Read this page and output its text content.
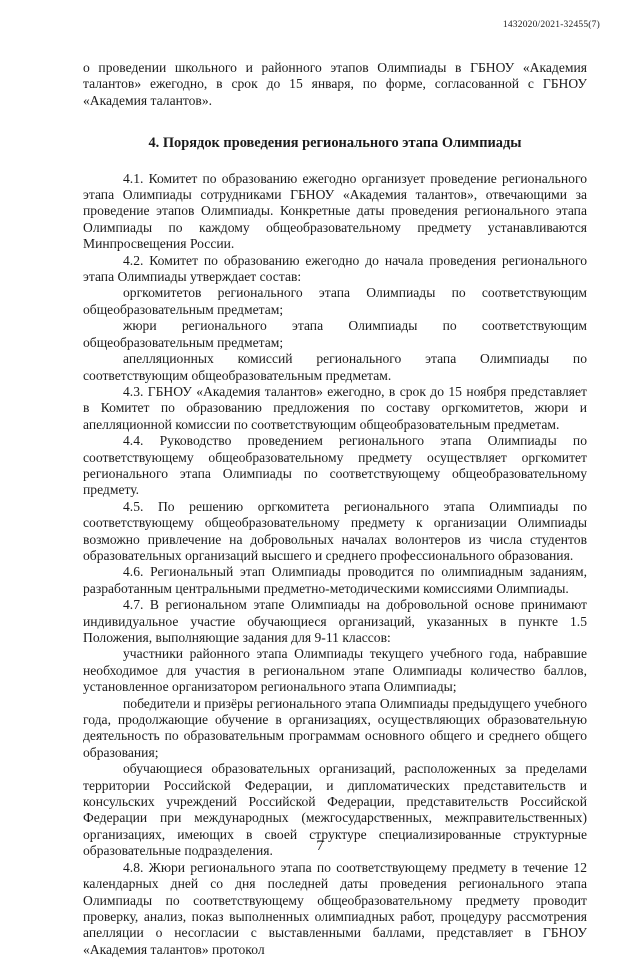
1432020/2021-32455(7)

о проведении школьного и районного этапов Олимпиады в ГБНОУ «Академия талантов» ежегодно, в срок до 15 января, по форме, согласованной с ГБНОУ «Академия талантов».

4. Порядок проведения регионального этапа Олимпиады

4.1. Комитет по образованию ежегодно организует проведение регионального этапа Олимпиады сотрудниками ГБНОУ «Академия талантов», отвечающими за проведение этапов Олимпиады. Конкретные даты проведения регионального этапа Олимпиады по каждому общеобразовательному предмету устанавливаются Минпросвещения России.

4.2. Комитет по образованию ежегодно до начала проведения регионального этапа Олимпиады утверждает состав:

оргкомитетов регионального этапа Олимпиады по соответствующим общеобразовательным предметам;

жюри регионального этапа Олимпиады по соответствующим общеобразовательным предметам;

апелляционных комиссий регионального этапа Олимпиады по соответствующим общеобразовательным предметам.

4.3. ГБНОУ «Академия талантов» ежегодно, в срок до 15 ноября представляет в Комитет по образованию предложения по составу оргкомитетов, жюри и апелляционной комиссии по соответствующим общеобразовательным предметам.

4.4. Руководство проведением регионального этапа Олимпиады по соответствующему общеобразовательному предмету осуществляет оргкомитет регионального этапа Олимпиады по соответствующему общеобразовательному предмету.

4.5. По решению оргкомитета регионального этапа Олимпиады по соответствующему общеобразовательному предмету к организации Олимпиады возможно привлечение на добровольных началах волонтеров из числа студентов образовательных организаций высшего и среднего профессионального образования.

4.6. Региональный этап Олимпиады проводится по олимпиадным заданиям, разработанным центральными предметно-методическими комиссиями Олимпиады.

4.7. В региональном этапе Олимпиады на добровольной основе принимают индивидуальное участие обучающиеся организаций, указанных в пункте 1.5 Положения, выполняющие задания для 9-11 классов:

участники районного этапа Олимпиады текущего учебного года, набравшие необходимое для участия в региональном этапе Олимпиады количество баллов, установленное организатором регионального этапа Олимпиады;

победители и призёры регионального этапа Олимпиады предыдущего учебного года, продолжающие обучение в организациях, осуществляющих образовательную деятельность по образовательным программам основного общего и среднего общего образования;

обучающиеся образовательных организаций, расположенных за пределами территории Российской Федерации, и дипломатических представительств и консульских учреждений Российской Федерации, представительств Российской Федерации при международных (межгосударственных, межправительственных) организациях, имеющих в своей структуре специализированные структурные образовательные подразделения.

4.8. Жюри регионального этапа по соответствующему предмету в течение 12 календарных дней со дня последней даты проведения регионального этапа Олимпиады по соответствующему общеобразовательному предмету проводит проверку, анализ, показ выполненных олимпиадных работ, процедуру рассмотрения апелляции о несогласии с выставленными баллами, представляет в ГБНОУ «Академия талантов» протокол

7
